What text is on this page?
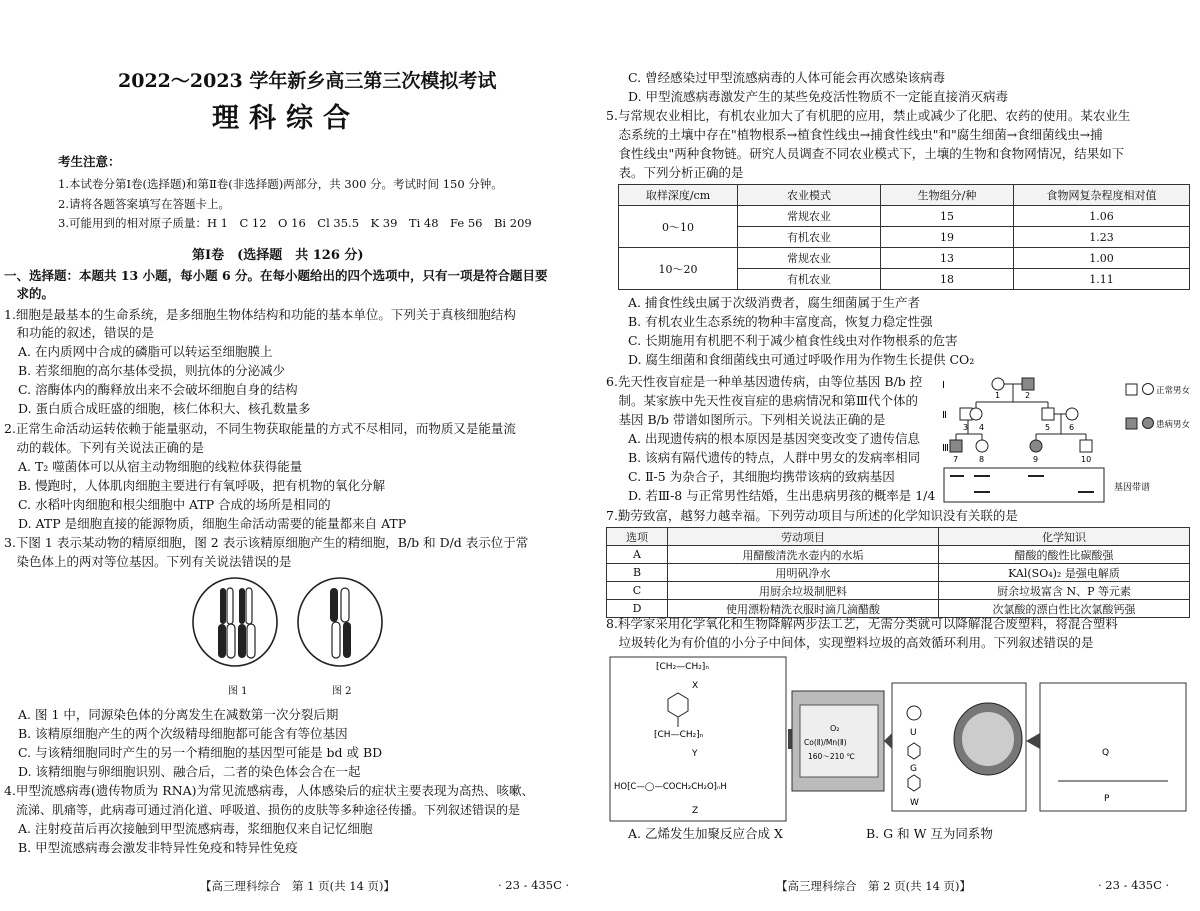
2022～2023 学年新乡高三第三次模拟考试
理科综合
考生注意：
1.本试卷分第Ⅰ卷(选择题)和第Ⅱ卷(非选择题)两部分，共 300 分。考试时间 150 分钟。
2.请将各题答案填写在答题卡上。
3.可能用到的相对原子质量：H 1　C 12　O 16　Cl 35.5　K 39　Ti 48　Fe 56　Bi 209
第Ⅰ卷　(选择题　共 126 分)
一、选择题：本题共 13 小题，每小题 6 分。在每小题给出的四个选项中，只有一项是符合题目要
　求的。
1.细胞是最基本的生命系统，是多细胞生物体结构和功能的基本单位。下列关于真核细胞结构
　和功能的叙述，错误的是
A. 在内质网中合成的磷脂可以转运至细胞膜上
B. 若浆细胞的高尔基体受损，则抗体的分泌减少
C. 溶酶体内的酶释放出来不会破坏细胞自身的结构
D. 蛋白质合成旺盛的细胞，核仁体积大、核孔数量多
2.正常生命活动运转依赖于能量驱动，不同生物获取能量的方式不尽相同，而物质又是能量流
　动的载体。下列有关说法正确的是
A. T₂ 噬菌体可以从宿主动物细胞的线粒体获得能量
B. 慢跑时，人体肌肉细胞主要进行有氧呼吸，把有机物的氧化分解
C. 水稻叶肉细胞和根尖细胞中 ATP 合成的场所是相同的
D. ATP 是细胞直接的能源物质，细胞生命活动需要的能量都来自 ATP
3.下图 1 表示某动物的精原细胞，图 2 表示该精原细胞产生的精细胞，B/b 和 D/d 表示位于常
　染色体上的两对等位基因。下列有关说法错误的是
图 1	图 2
A. 图 1 中，同源染色体的分离发生在减数第一次分裂后期
B. 该精原细胞产生的两个次级精母细胞都可能含有等位基因
C. 与该精细胞同时产生的另一个精细胞的基因型可能是 bd 或 BD
D. 该精细胞与卵细胞识别、融合后，二者的染色体会合在一起
4.甲型流感病毒(遗传物质为 RNA)为常见流感病毒，人体感染后的症状主要表现为高热、咳嗽、
　流涕、肌痛等，此病毒可通过消化道、呼吸道、损伤的皮肤等多种途径传播。下列叙述错误的是
A. 注射疫苗后再次接触到甲型流感病毒，浆细胞仅来自记忆细胞
B. 甲型流感病毒会激发非特异性免疫和特异性免疫
【高三理科综合　第 1 页(共 14 页)】	· 23 - 435C ·
C. 曾经感染过甲型流感病毒的人体可能会再次感染该病毒
D. 甲型流感病毒激发产生的某些免疫活性物质不一定能直接消灭病毒
5.与常规农业相比，有机农业加大了有机肥的应用，禁止或减少了化肥、农药的使用。某农业生
　态系统的土壤中存在"植物根系→植食性线虫→捕食性线虫"和"腐生细菌→食细菌线虫→捕
　食性线虫"两种食物链。研究人员调查不同农业模式下，土壤的生物和食物网情况，结果如下
　表。下列分析正确的是
取样深度/cm	农业模式	生物组分/种	食物网复杂程度相对值
0～10	常规农业	15	1.06
	有机农业	19	1.23
10～20	常规农业	13	1.00
	有机农业	18	1.11
A. 捕食性线虫属于次级消费者，腐生细菌属于生产者
B. 有机农业生态系统的物种丰富度高，恢复力稳定性强
C. 长期施用有机肥不利于减少植食性线虫对作物根系的危害
D. 腐生细菌和食细菌线虫可通过呼吸作用为作物生长提供 CO₂
6.先天性夜盲症是一种单基因遗传病，由等位基因 B/b 控
　制。某家族中先天性夜盲症的患病情况和第Ⅲ代个体的
　基因 B/b 带谱如图所示。下列相关说法正确的是
A. 出现遗传病的根本原因是基因突变改变了遗传信息
B. 该病有隔代遗传的特点，人群中男女的发病率相同
C. Ⅱ-5 为杂合子，其细胞均携带该病的致病基因
D. 若Ⅲ-8 与正常男性结婚，生出患病男孩的概率是 1/4
Ⅰ
Ⅱ
Ⅲ
1	2
3 4	5 6
7	8	9	10
基因带谱
正常男女
患病男女
7.勤劳致富，越努力越幸福。下列劳动项目与所述的化学知识没有关联的是
选项	劳动项目	化学知识
A	用醋酸清洗水壶内的水垢	醋酸的酸性比碳酸强
B	用明矾净水	KAl(SO₄)₂ 是强电解质
C	用厨余垃圾制肥料	厨余垃圾富含 N、P 等元素
D	使用漂粉精洗衣服时滴几滴醋酸	次氯酸的漂白性比次氯酸钙强
8.科学家采用化学氧化和生物降解两步法工艺，无需分类就可以降解混合废塑料，将混合塑料
　垃圾转化为有价值的小分子中间体，实现塑料垃圾的高效循环利用。下列叙述错误的是
⁅CH₂—CH₂⁆ₙ
X
⁅CH—CH₂⁆ₙ
Y
HO⁅C—◯—COCH₂CH₂O⁆ₙH
Z
O₂
Co(Ⅱ)/Mn(Ⅱ)
160～210 ℃
U
G
W
Q
P
A. 乙烯发生加聚反应合成 X	B. G 和 W 互为同系物
【高三理科综合　第 2 页(共 14 页)】	· 23 - 435C ·
